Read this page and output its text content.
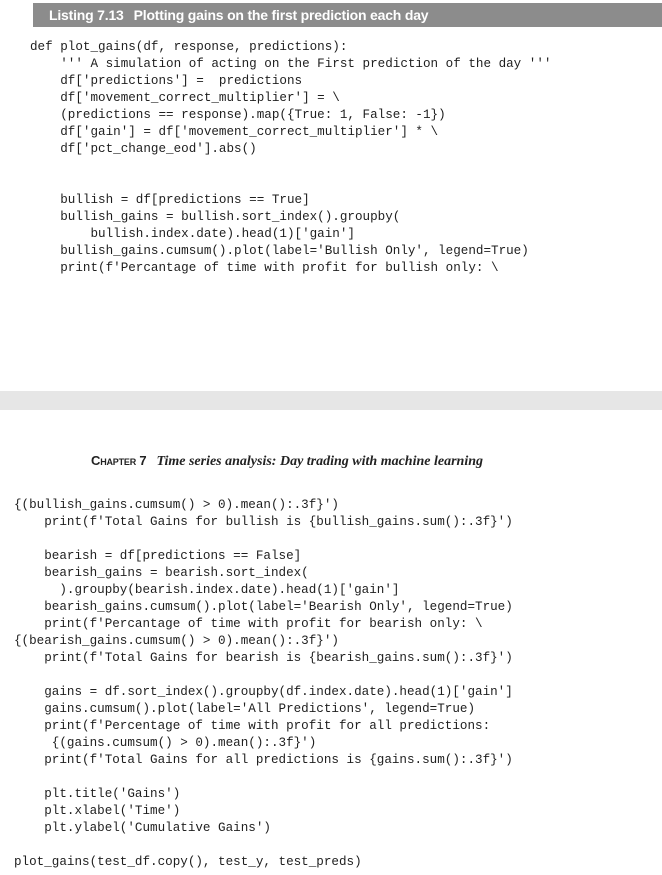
Listing 7.13 Plotting gains on the first prediction each day
def plot_gains(df, response, predictions):
''' A simulation of acting on the First prediction of the day '''
df['predictions'] =  predictions
df['movement_correct_multiplier'] = \
(predictions == response).map({True: 1, False: -1})
df['gain'] = df['movement_correct_multiplier'] * \
df['pct_change_eod'].abs()

bullish = df[predictions == True]
bullish_gains = bullish.sort_index().groupby(
bullish.index.date).head(1)['gain']
bullish_gains.cumsum().plot(label='Bullish Only', legend=True)
print(f'Percantage of time with profit for bullish only: \
Chapter 7 Time series analysis: Day trading with machine learning
{(bullish_gains.cumsum() > 0).mean():.3f}')
print(f'Total Gains for bullish is {bullish_gains.sum():.3f}')

bearish = df[predictions == False]
bearish_gains = bearish.sort_index(
).groupby(bearish.index.date).head(1)['gain']
bearish_gains.cumsum().plot(label='Bearish Only', legend=True)
print(f'Percantage of time with profit for bearish only: \
{(bearish_gains.cumsum() > 0).mean():.3f}')
print(f'Total Gains for bearish is {bearish_gains.sum():.3f}')

gains = df.sort_index().groupby(df.index.date).head(1)['gain']
gains.cumsum().plot(label='All Predictions', legend=True)
print(f'Percentage of time with profit for all predictions:
{(gains.cumsum() > 0).mean():.3f}')
print(f'Total Gains for all predictions is {gains.sum():.3f}')

plt.title('Gains')
plt.xlabel('Time')
plt.ylabel('Cumulative Gains')

plot_gains(test_df.copy(), test_y, test_preds)
